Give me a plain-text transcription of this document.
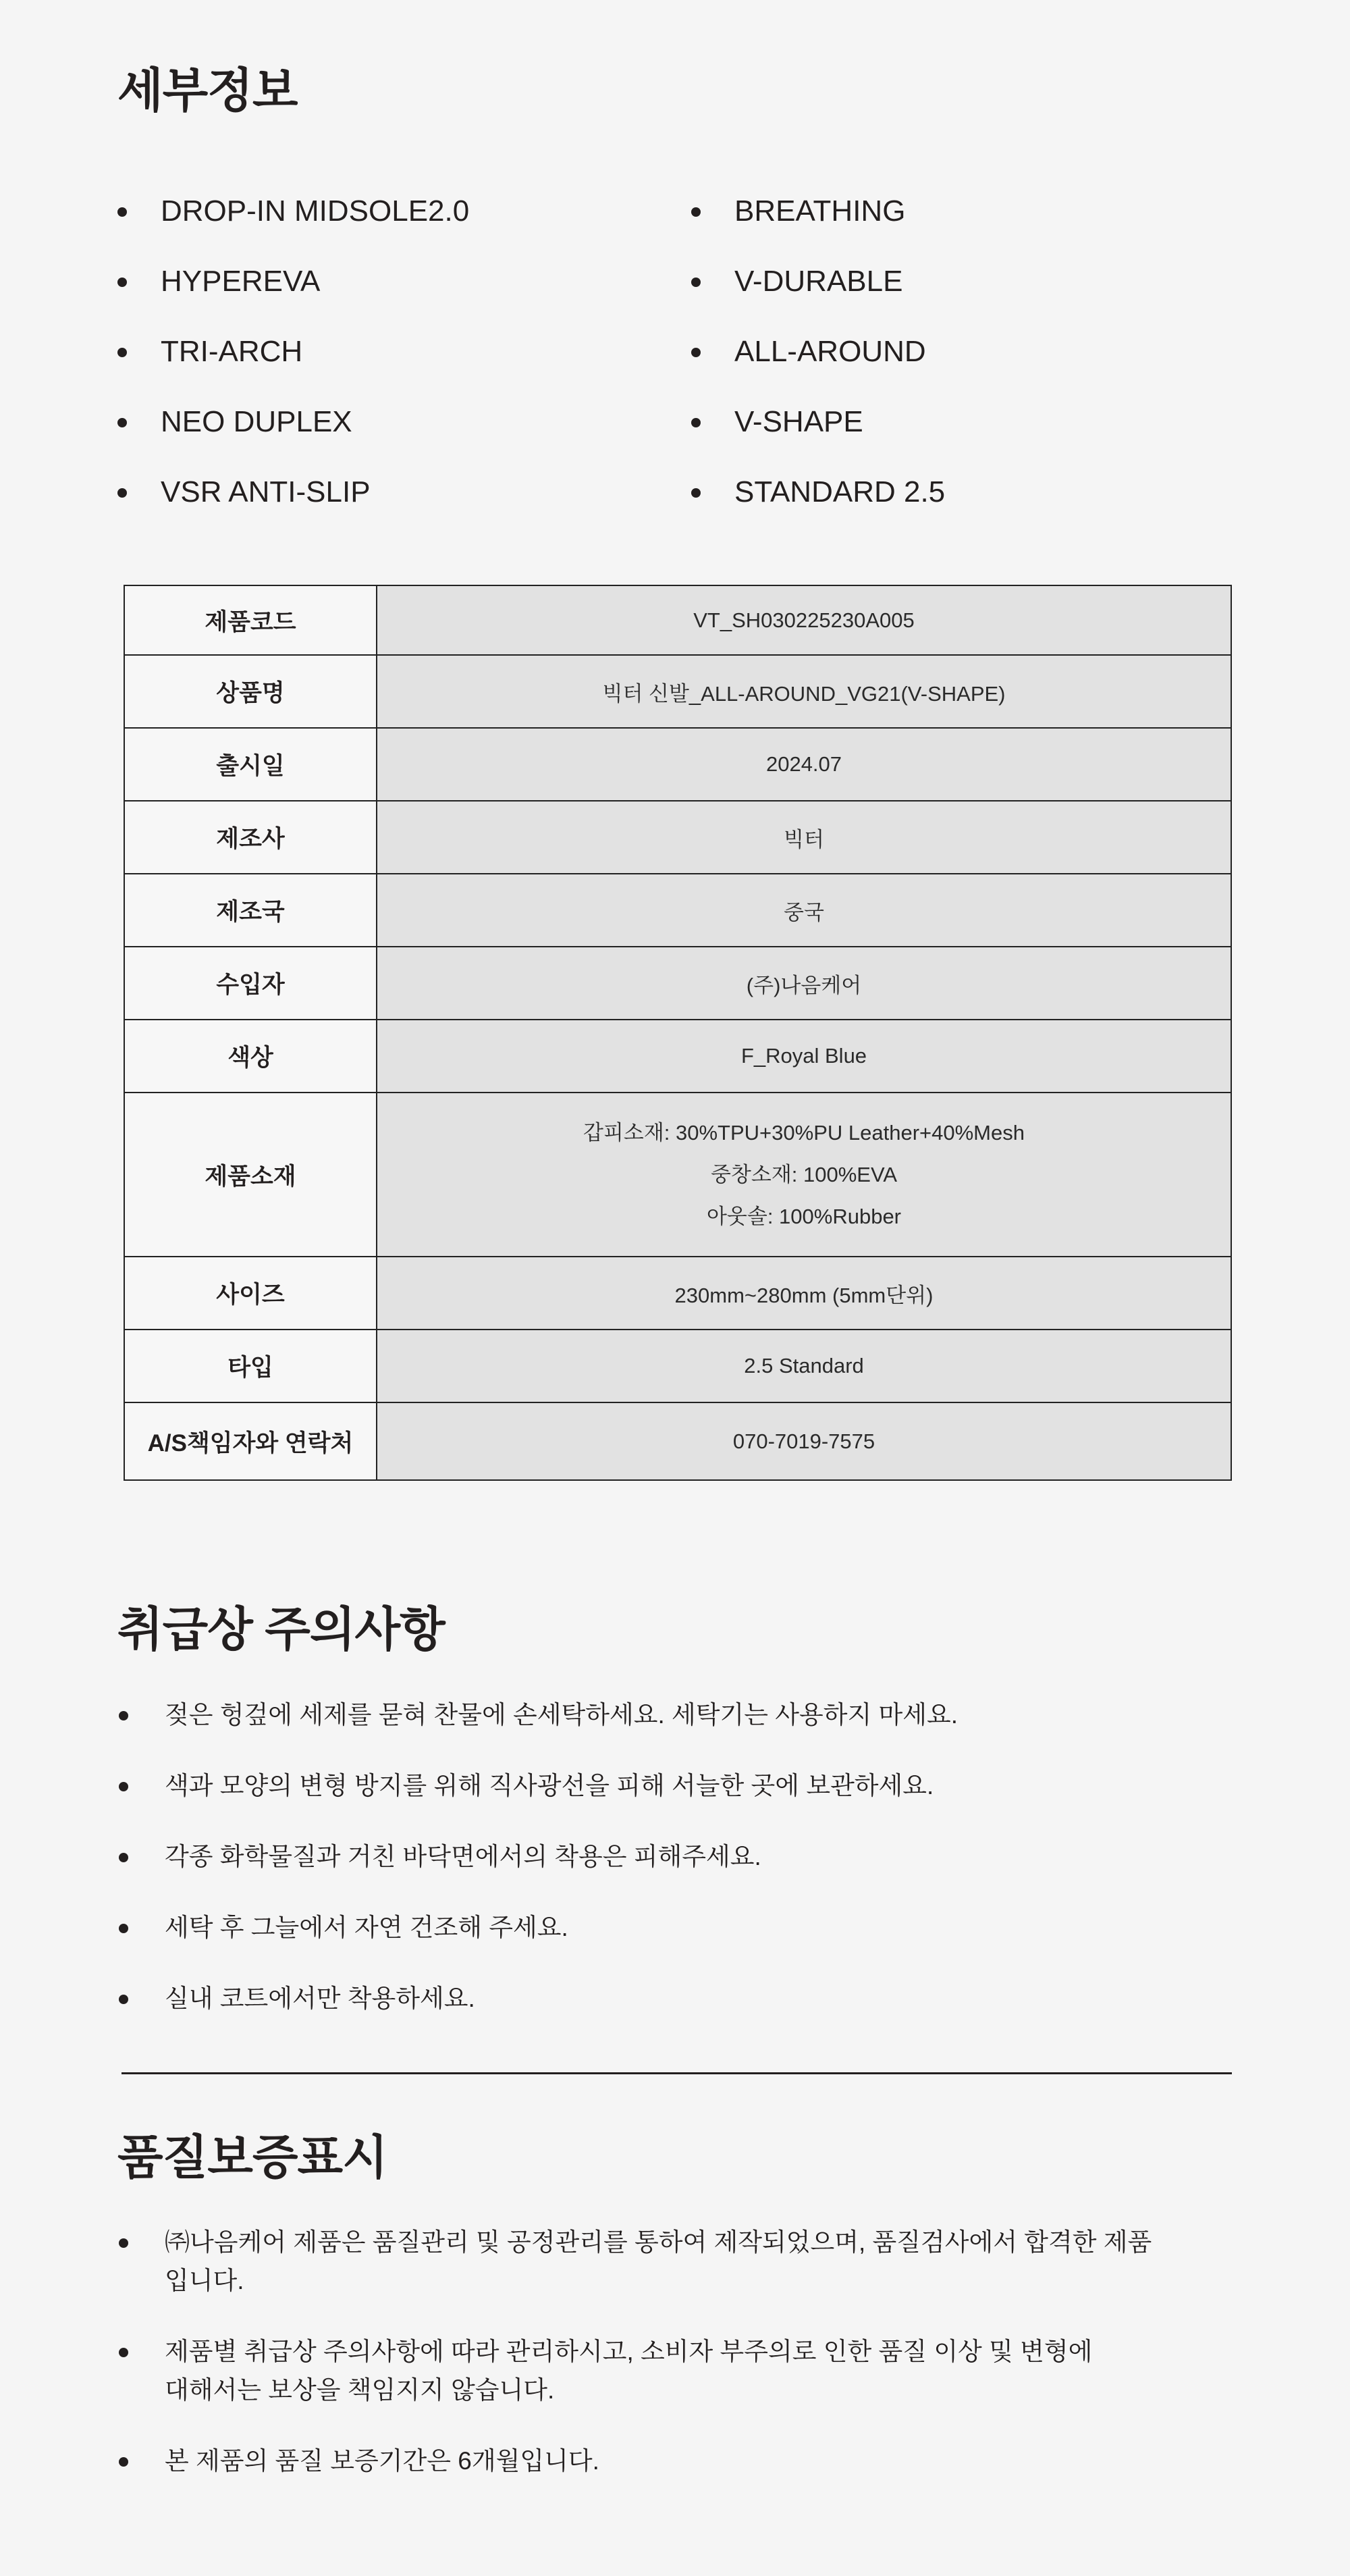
세부정보
DROP-IN MIDSOLE2.0
HYPEREVA
TRI-ARCH
NEO DUPLEX
VSR ANTI-SLIP
BREATHING
V-DURABLE
ALL-AROUND
V-SHAPE
STANDARD 2.5
제품코드	VT_SH030225230A005
상품명	빅터 신발_ALL-AROUND_VG21(V-SHAPE)
출시일	2024.07
제조사	빅터
제조국	중국
수입자	(주)나음케어
색상	F_Royal Blue
제품소재	갑피소재: 30%TPU+30%PU Leather+40%Mesh
중창소재: 100%EVA
아웃솔: 100%Rubber

사이즈	230mm~280mm (5mm단위)
타입	2.5 Standard
A/S책임자와 연락처	070-7019-7575
취급상 주의사항
젖은 헝겊에 세제를 묻혀 찬물에 손세탁하세요. 세탁기는 사용하지 마세요.
색과 모양의 변형 방지를 위해 직사광선을 피해 서늘한 곳에 보관하세요.
각종 화학물질과 거친 바닥면에서의 착용은 피해주세요.
세탁 후 그늘에서 자연 건조해 주세요.
실내 코트에서만 착용하세요.
품질보증표시
㈜나음케어 제품은 품질관리 및 공정관리를 통하여 제작되었으며, 품질검사에서 합격한 제품입니다.
제품별 취급상 주의사항에 따라 관리하시고, 소비자 부주의로 인한 품질 이상 및 변형에 대해서는 보상을 책임지지 않습니다.
본 제품의 품질 보증기간은 6개월입니다.
